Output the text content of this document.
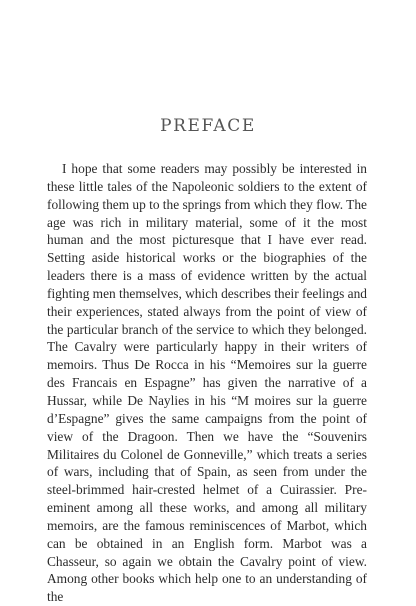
PREFACE

I hope that some readers may possibly be interested in these little tales of the Napoleonic soldiers to the extent of following them up to the springs from which they flow. The age was rich in military material, some of it the most human and the most picturesque that I have ever read. Setting aside historical works or the biographies of the leaders there is a mass of evidence written by the actual fighting men themselves, which describes their feelings and their experiences, stated always from the point of view of the particular branch of the service to which they belonged. The Cavalry were particularly happy in their writers of memoirs. Thus De Rocca in his “Memoires sur la guerre des Francais en Espagne” has given the narrative of a Hussar, while De Naylies in his “M moires sur la guerre d’Espagne” gives the same campaigns from the point of view of the Dragoon. Then we have the “Souvenirs Militaires du Colonel de Gonneville,” which treats a series of wars, including that of Spain, as seen from under the steel-brimmed hair-crested helmet of a Cuirassier. Pre-eminent among all these works, and among all military memoirs, are the famous reminiscences of Marbot, which can be obtained in an English form. Marbot was a Chasseur, so again we obtain the Cavalry point of view. Among other books which help one to an understanding of the
